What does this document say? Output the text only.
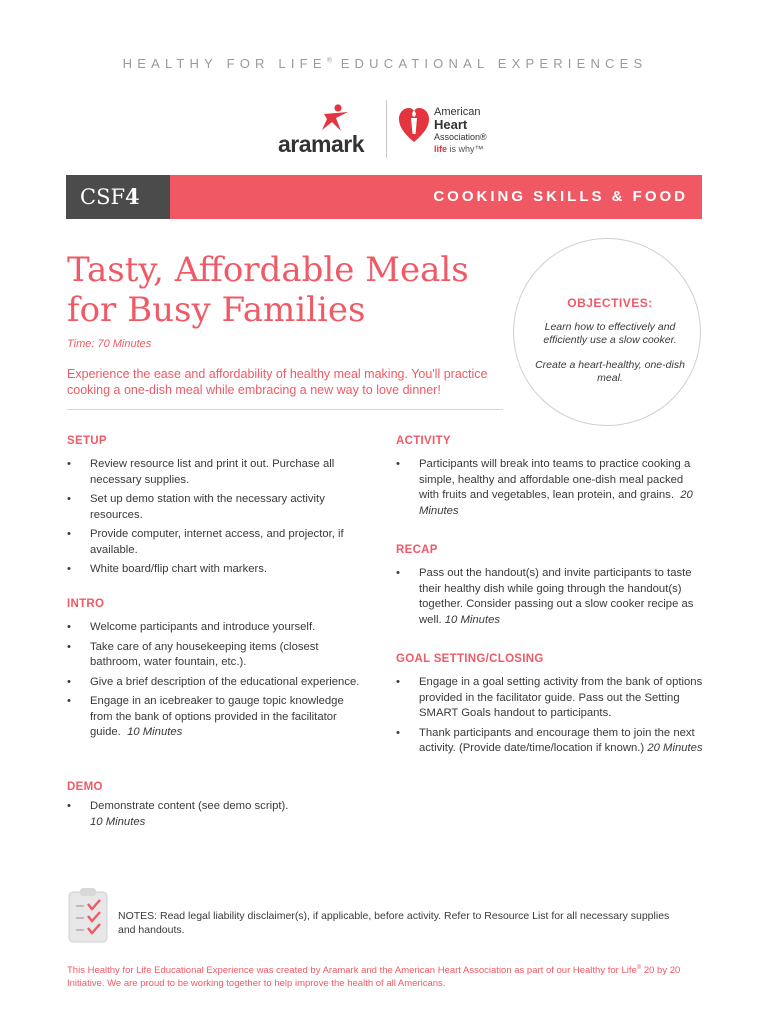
HEALTHY FOR LIFE® EDUCATIONAL EXPERIENCES
aramark
American
Heart
Association®
life is why™
CSF4	COOKING SKILLS & FOOD
Tasty, Affordable Meals
for Busy Families
Time: 70 Minutes
Experience the ease and affordability of healthy meal making. You'll practice cooking a one-dish meal while embracing a new way to love dinner!
OBJECTIVES:
Learn how to effectively and efficiently use a slow cooker.
Create a heart-healthy, one-dish meal.
SETUP
• Review resource list and print it out. Purchase all necessary supplies.
• Set up demo station with the necessary activity resources.
• Provide computer, internet access, and projector, if available.
• White board/flip chart with markers.
INTRO
• Welcome participants and introduce yourself.
• Take care of any housekeeping items (closest bathroom, water fountain, etc.).
• Give a brief description of the educational experience.
• Engage in an icebreaker to gauge topic knowledge from the bank of options provided in the facilitator guide. 10 Minutes
DEMO
• Demonstrate content (see demo script).
10 Minutes
ACTIVITY
• Participants will break into teams to practice cooking a simple, healthy and affordable one-dish meal packed with fruits and vegetables, lean protein, and grains. 20 Minutes
RECAP
• Pass out the handout(s) and invite participants to taste their healthy dish while going through the handout(s) together. Consider passing out a slow cooker recipe as well. 10 Minutes
GOAL SETTING/CLOSING
• Engage in a goal setting activity from the bank of options provided in the facilitator guide. Pass out the Setting SMART Goals handout to participants.
• Thank participants and encourage them to join the next activity. (Provide date/time/location if known.) 20 Minutes
NOTES: Read legal liability disclaimer(s), if applicable, before activity. Refer to Resource List for all necessary supplies and handouts.
This Healthy for Life Educational Experience was created by Aramark and the American Heart Association as part of our Healthy for Life® 20 by 20 Initiative. We are proud to be working together to help improve the health of all Americans.
